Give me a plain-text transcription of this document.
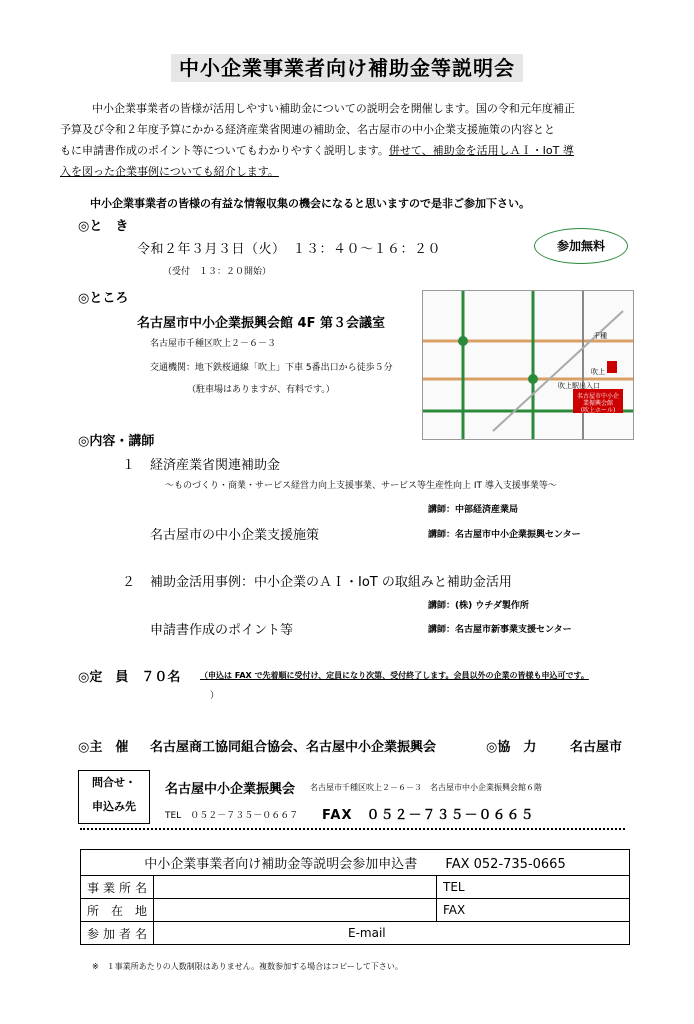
中小企業事業者向け補助金等説明会
中小企業事業者の皆様が活用しやすい補助金についての説明会を開催します。国の令和元年度補正
予算及び令和２年度予算にかかる経済産業省関連の補助金、名古屋市の中小企業支援施策の内容とと
もに申請書作成のポイント等についてもわかりやすく説明します。併せて、補助金を活用しＡＩ・IoT 導
入を図った企業事例についても紹介します。
中小企業事業者の皆様の有益な情報収集の機会になると思いますので是非ご参加下さい。
◎と　き
令和２年３月３日（火）　１３：４０～１６：２０
（受付　１３：２０開始）
参加無料
◎ところ
名古屋市中小企業振興会館 4F 第３会議室
名古屋市千種区吹上２－６－３
交通機関：地下鉄桜通線「吹上」下車 5番出口から徒歩５分
（駐車場はありますが、有料です。）
名古屋市中小企業振興会館
(吹上ホール)
吹上
千種
吹上駅出入口
◎内容・講師
１ 経済産業省関連補助金
～ものづくり・商業・サービス経営力向上支援事業、サービス等生産性向上 IT 導入支援事業等～
講師：中部経済産業局
名古屋市の中小企業支援施策	講師：名古屋市中小企業振興センター
２ 補助金活用事例：中小企業のＡＩ・IoT の取組みと補助金活用
講師：(株) ウチダ製作所
申請書作成のポイント等	講師：名古屋市新事業支援センター
◎定　員　７０名 （申込は FAX で先着順に受付け、定員になり次第、受付終了します。会員以外の企業の皆様も申込可です。
）
◎主　催 名古屋商工協同組合協会、名古屋中小企業振興会	◎協　力	名古屋市
問合せ・
申込み先
名古屋中小企業振興会 名古屋市千種区吹上２－６－３　名古屋市中小企業振興会館６階
TEL　０５２－７３５－０６６７ FAX　０５２－７３５－０６６５
中小企業事業者向け補助金等説明会参加申込書 FAX 052-735-0665		
事業所名		TEL
所 在 地		FAX
参加者名	E-mail	
※　１事業所あたりの人数制限はありません。複数参加する場合はコピーして下さい。
